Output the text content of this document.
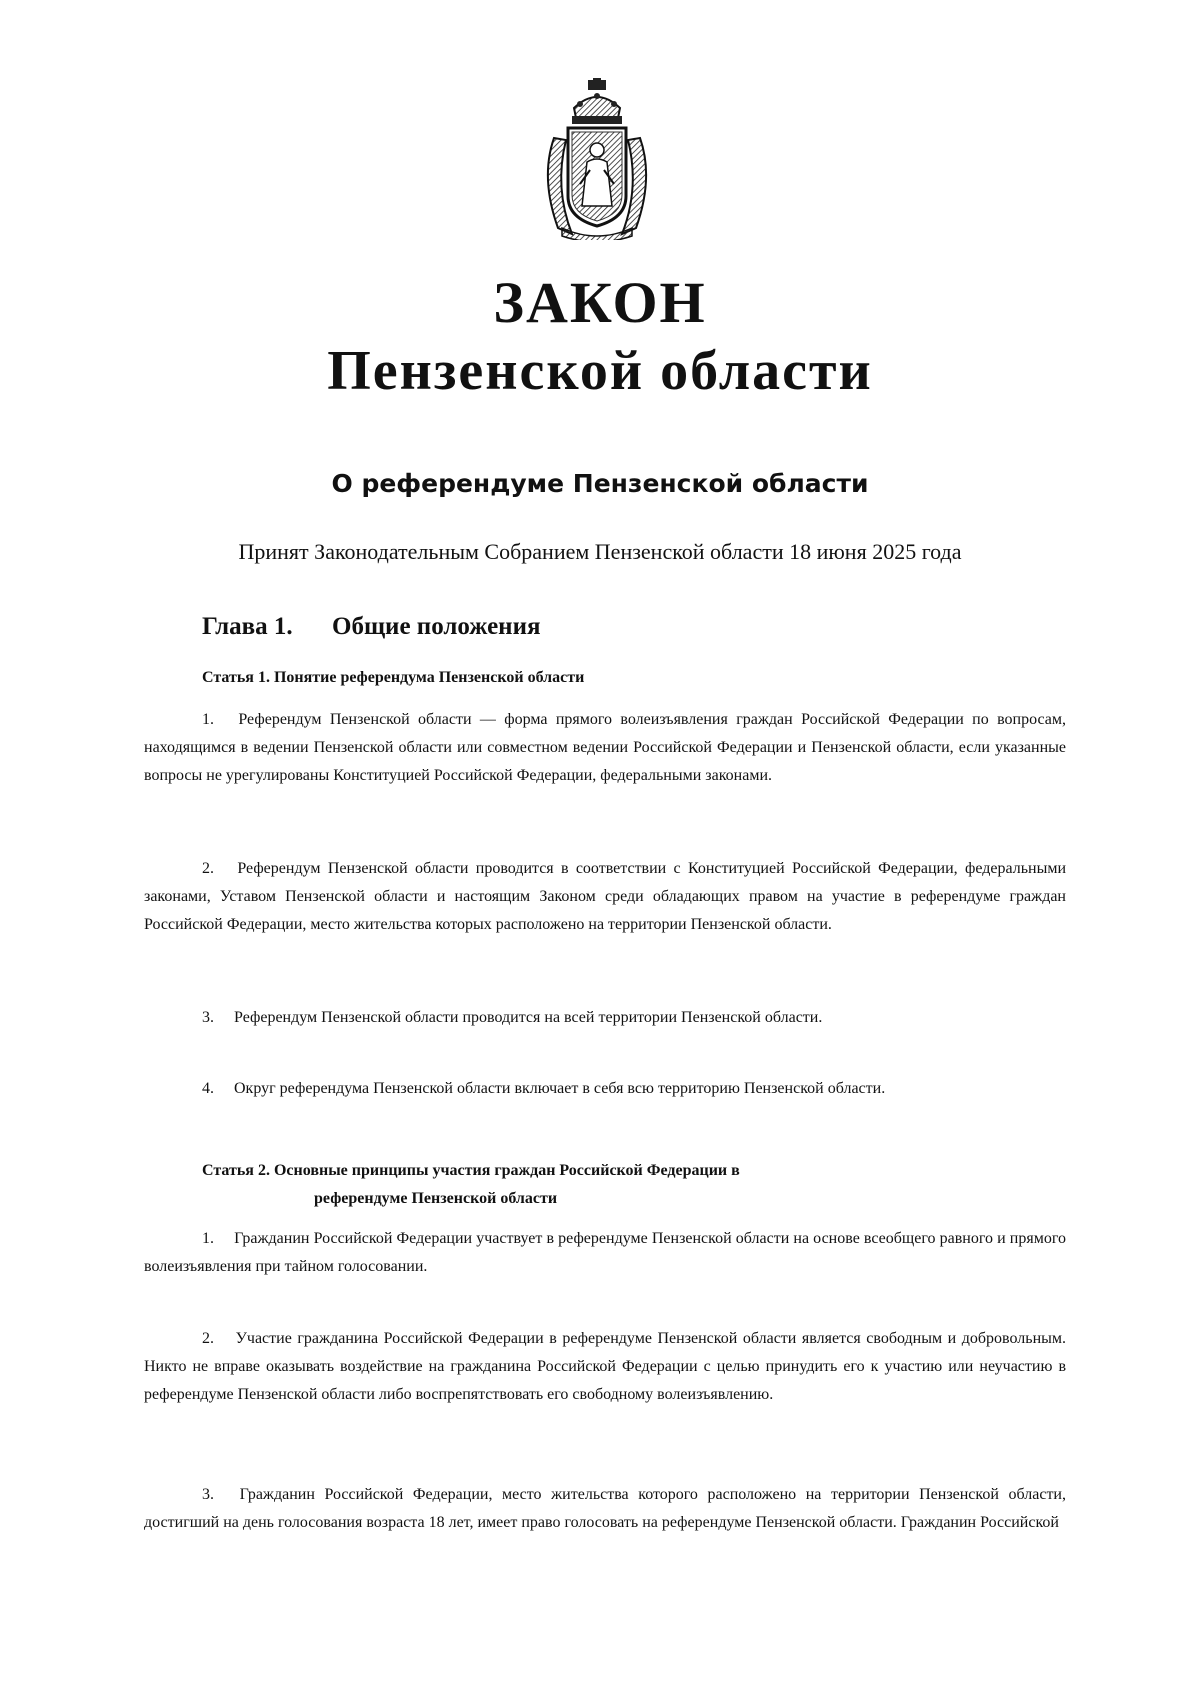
ЗАКОН
Пензенской области
О референдуме Пензенской области

Принят Законодательным Собранием Пензенской области 18 июня 2025 года

Глава 1. Общие положения
Статья 1. Понятие референдума Пензенской области

1. Референдум Пензенской области — форма прямого волеизъявления граждан Российской Федерации по вопросам, находящимся в ведении Пензенской области или совместном ведении Российской Федерации и Пензенской области, если указанные вопросы не урегулированы Конституцией Российской Федерации, федеральными законами.

2. Референдум Пензенской области проводится в соответствии с Конституцией Российской Федерации, федеральными законами, Уставом Пензенской области и настоящим Законом среди обладающих правом на участие в референдуме граждан Российской Федерации, место жительства которых расположено на территории Пензенской области.

3. Референдум Пензенской области проводится на всей территории Пензенской области.

4. Округ референдума Пензенской области включает в себя всю территорию Пензенской области.

Статья 2. Основные принципы участия граждан Российской Федерации в
референдуме Пензенской области

1. Гражданин Российской Федерации участвует в референдуме Пензенской области на основе всеобщего равного и прямого волеизъявления при тайном голосовании.

2. Участие гражданина Российской Федерации в референдуме Пензенской области является свободным и добровольным. Никто не вправе оказывать воздействие на гражданина Российской Федерации с целью принудить его к участию или неучастию в референдуме Пензенской области либо воспрепятствовать его свободному волеизъявлению.

3. Гражданин Российской Федерации, место жительства которого расположено на территории Пензенской области, достигший на день голосования возраста 18 лет, имеет право голосовать на референдуме Пензенской области. Гражданин Российской
